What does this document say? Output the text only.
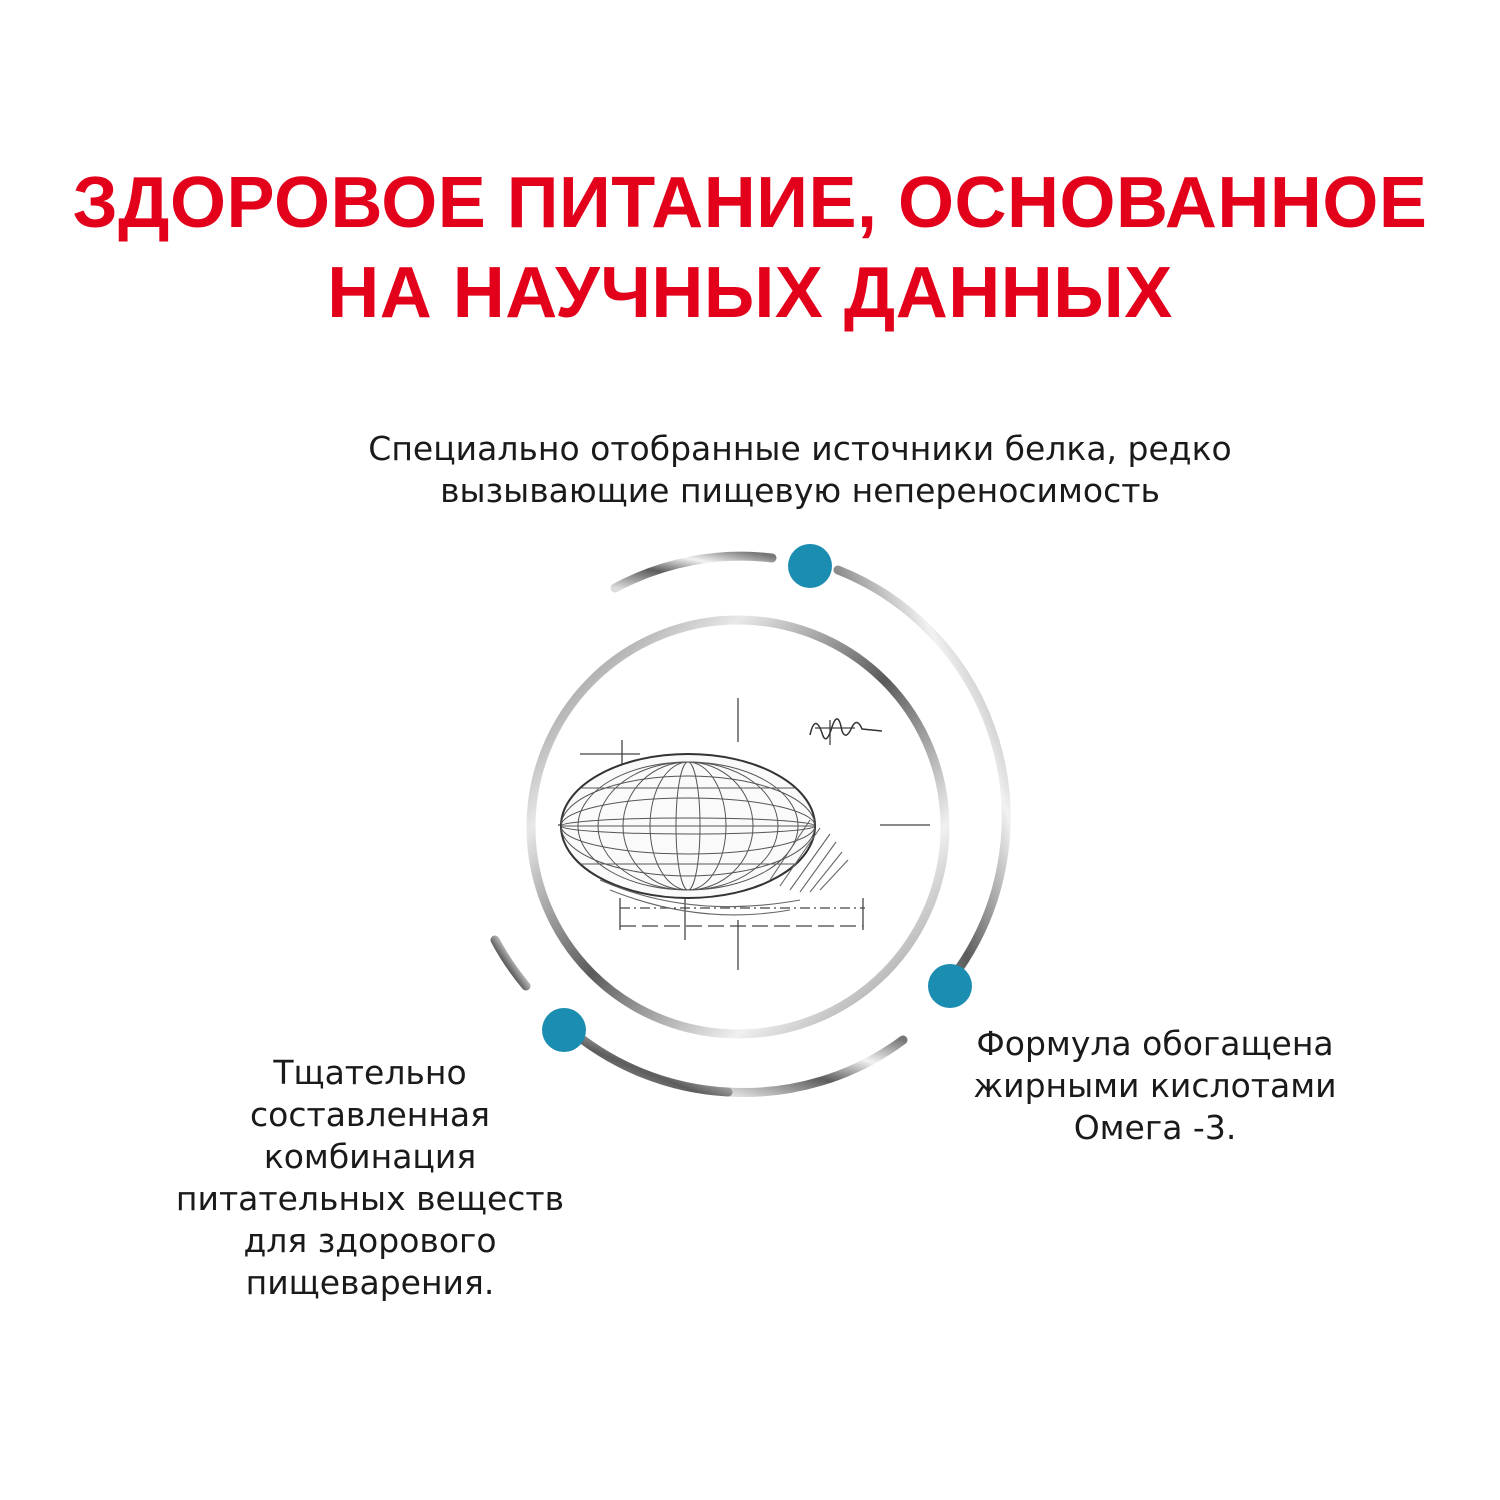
ЗДОРОВОЕ ПИТАНИЕ, ОСНОВАННОЕ
НА НАУЧНЫХ ДАННЫХ

Специально отобранные источники белка, редко
вызывающие пищевую непереносимость

Тщательно
составленная
комбинация
питательных веществ
для здорового
пищеварения.

Формула обогащена
жирными кислотами
Омега -3.
